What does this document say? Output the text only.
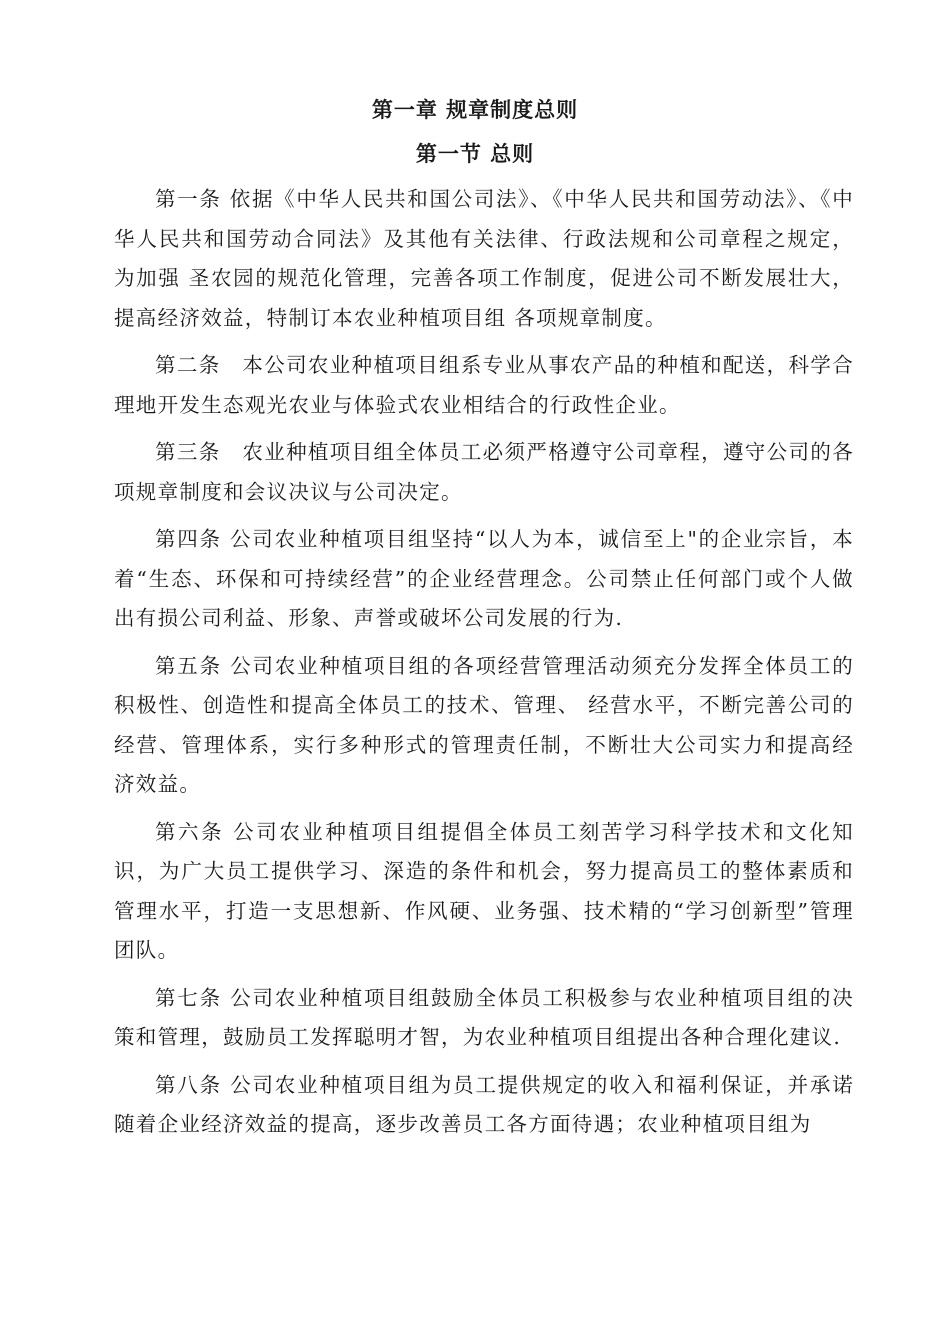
第一章 规章制度总则
第一节 总则

第一条 依据《中华人民共和国公司法》、《中华人民共和国劳动法》、《中华人民共和国劳动合同法》及其他有关法律、行政法规和公司章程之规定，为加强 圣农园的规范化管理，完善各项工作制度，促进公司不断发展壮大，提高经济效益，特制订本农业种植项目组 各项规章制度。

第二条　本公司农业种植项目组系专业从事农产品的种植和配送，科学合理地开发生态观光农业与体验式农业相结合的行政性企业。

第三条　农业种植项目组全体员工必须严格遵守公司章程，遵守公司的各项规章制度和会议决议与公司决定。

第四条 公司农业种植项目组坚持“以人为本，诚信至上"的企业宗旨，本着“生态、环保和可持续经营”的企业经营理念。公司禁止任何部门或个人做出有损公司利益、形象、声誉或破坏公司发展的行为.

第五条 公司农业种植项目组的各项经营管理活动须充分发挥全体员工的积极性、创造性和提高全体员工的技术、管理、 经营水平，不断完善公司的经营、管理体系，实行多种形式的管理责任制，不断壮大公司实力和提高经济效益。

第六条 公司农业种植项目组提倡全体员工刻苦学习科学技术和文化知识，为广大员工提供学习、深造的条件和机会，努力提高员工的整体素质和管理水平，打造一支思想新、作风硬、业务强、技术精的“学习创新型”管理团队。

第七条 公司农业种植项目组鼓励全体员工积极参与农业种植项目组的决策和管理，鼓励员工发挥聪明才智，为农业种植项目组提出各种合理化建议.

第八条 公司农业种植项目组为员工提供规定的收入和福利保证，并承诺随着企业经济效益的提高，逐步改善员工各方面待遇；农业种植项目组为
